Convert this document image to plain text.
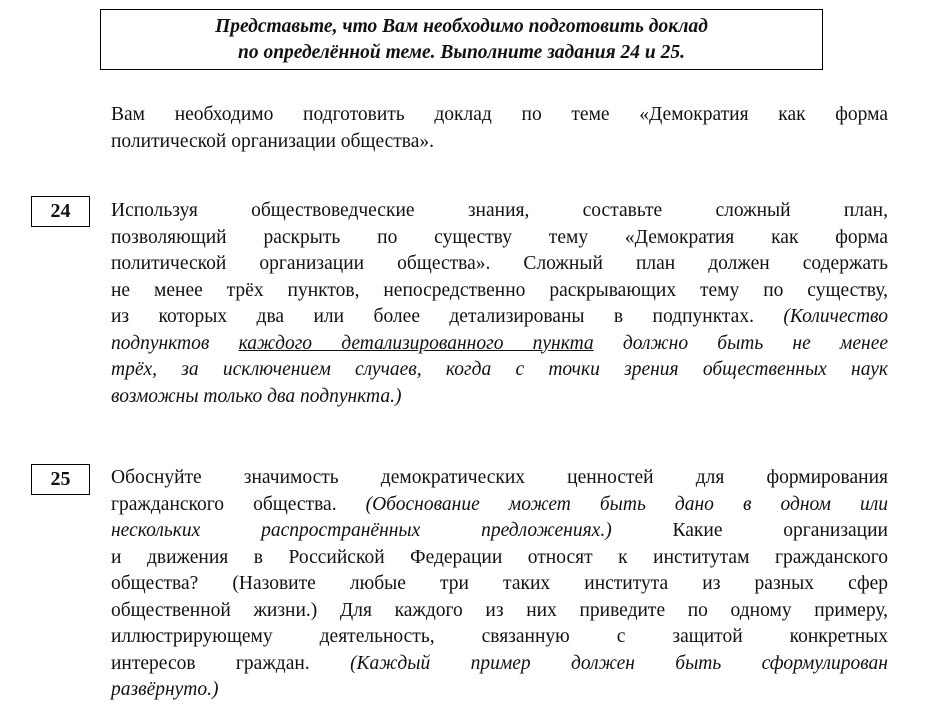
Представьте, что Вам необходимо подготовить доклад
по определённой теме. Выполните задания 24 и 25.
Вам необходимо подготовить доклад по теме «Демократия как форма
политической организации общества».
24	Используя обществоведческие знания, составьте сложный план,
позволяющий раскрыть по существу тему «Демократия как форма
политической организации общества». Сложный план должен содержать
не менее трёх пунктов, непосредственно раскрывающих тему по существу,
из которых два или более детализированы в подпунктах. (Количество
подпунктов каждого детализированного пункта должно быть не менее
трёх, за исключением случаев, когда с точки зрения общественных наук
возможны только два подпункта.)
25	Обоснуйте значимость демократических ценностей для формирования
гражданского общества. (Обоснование может быть дано в одном или
нескольких распространённых предложениях.)	Какие организации
и движения в Российской Федерации относят к институтам гражданского
общества? (Назовите любые три таких института из разных сфер
общественной жизни.) Для каждого из них приведите по одному примеру,
иллюстрирующему деятельность, связанную с защитой конкретных
интересов граждан. (Каждый пример должен быть сформулирован
развёрнуто.)
